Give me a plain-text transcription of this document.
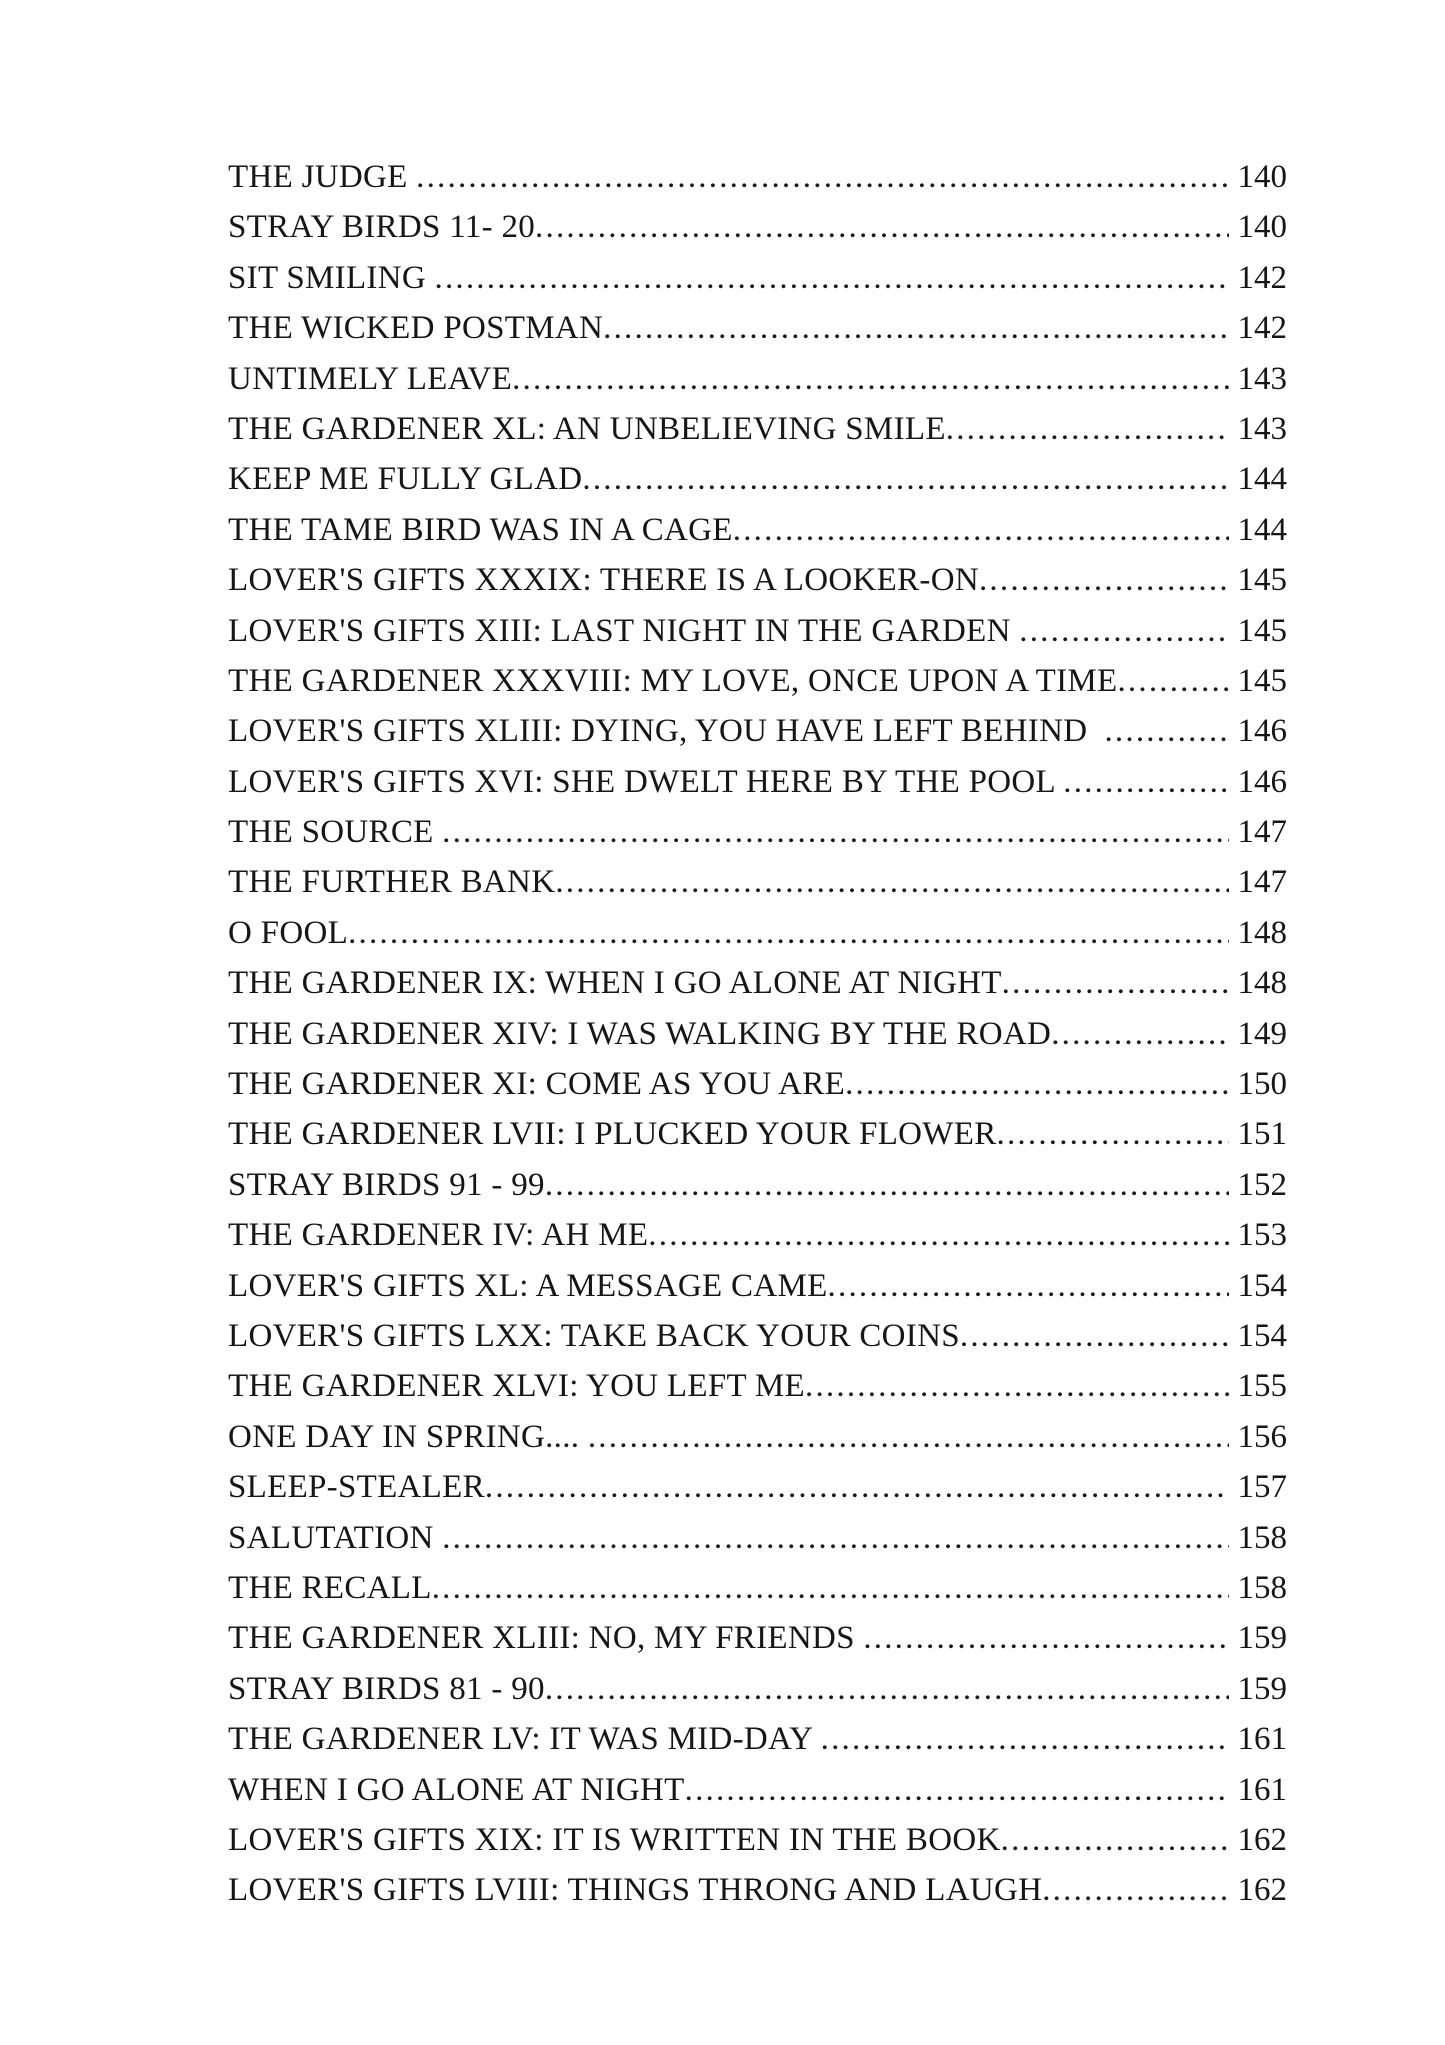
THE JUDGE .....	140
STRAY BIRDS 11- 20 .....	140
SIT SMILING .....	142
THE WICKED POSTMAN .....	142
UNTIMELY LEAVE .....	143
THE GARDENER XL: AN UNBELIEVING SMILE .....	143
KEEP ME FULLY GLAD .....	144
THE TAME BIRD WAS IN A CAGE .....	144
LOVER'S GIFTS XXXIX: THERE IS A LOOKER-ON .....	145
LOVER'S GIFTS XIII: LAST NIGHT IN THE GARDEN .....	145
THE GARDENER XXXVIII: MY LOVE, ONCE UPON A TIME .....	145
LOVER'S GIFTS XLIII: DYING, YOU HAVE LEFT BEHIND .....	146
LOVER'S GIFTS XVI: SHE DWELT HERE BY THE POOL .....	146
THE SOURCE .....	147
THE FURTHER BANK .....	147
O FOOL .....	148
THE GARDENER IX: WHEN I GO ALONE AT NIGHT .....	148
THE GARDENER XIV: I WAS WALKING BY THE ROAD .....	149
THE GARDENER XI: COME AS YOU ARE .....	150
THE GARDENER LVII: I PLUCKED YOUR FLOWER .....	151
STRAY BIRDS 91 - 99 .....	152
THE GARDENER IV: AH ME .....	153
LOVER'S GIFTS XL: A MESSAGE CAME .....	154
LOVER'S GIFTS LXX: TAKE BACK YOUR COINS .....	154
THE GARDENER XLVI: YOU LEFT ME .....	155
ONE DAY IN SPRING.... .....	156
SLEEP-STEALER .....	157
SALUTATION .....	158
THE RECALL .....	158
THE GARDENER XLIII: NO, MY FRIENDS .....	159
STRAY BIRDS 81 - 90 .....	159
THE GARDENER LV: IT WAS MID-DAY .....	161
WHEN I GO ALONE AT NIGHT .....	161
LOVER'S GIFTS XIX: IT IS WRITTEN IN THE BOOK .....	162
LOVER'S GIFTS LVIII: THINGS THRONG AND LAUGH .....	162
